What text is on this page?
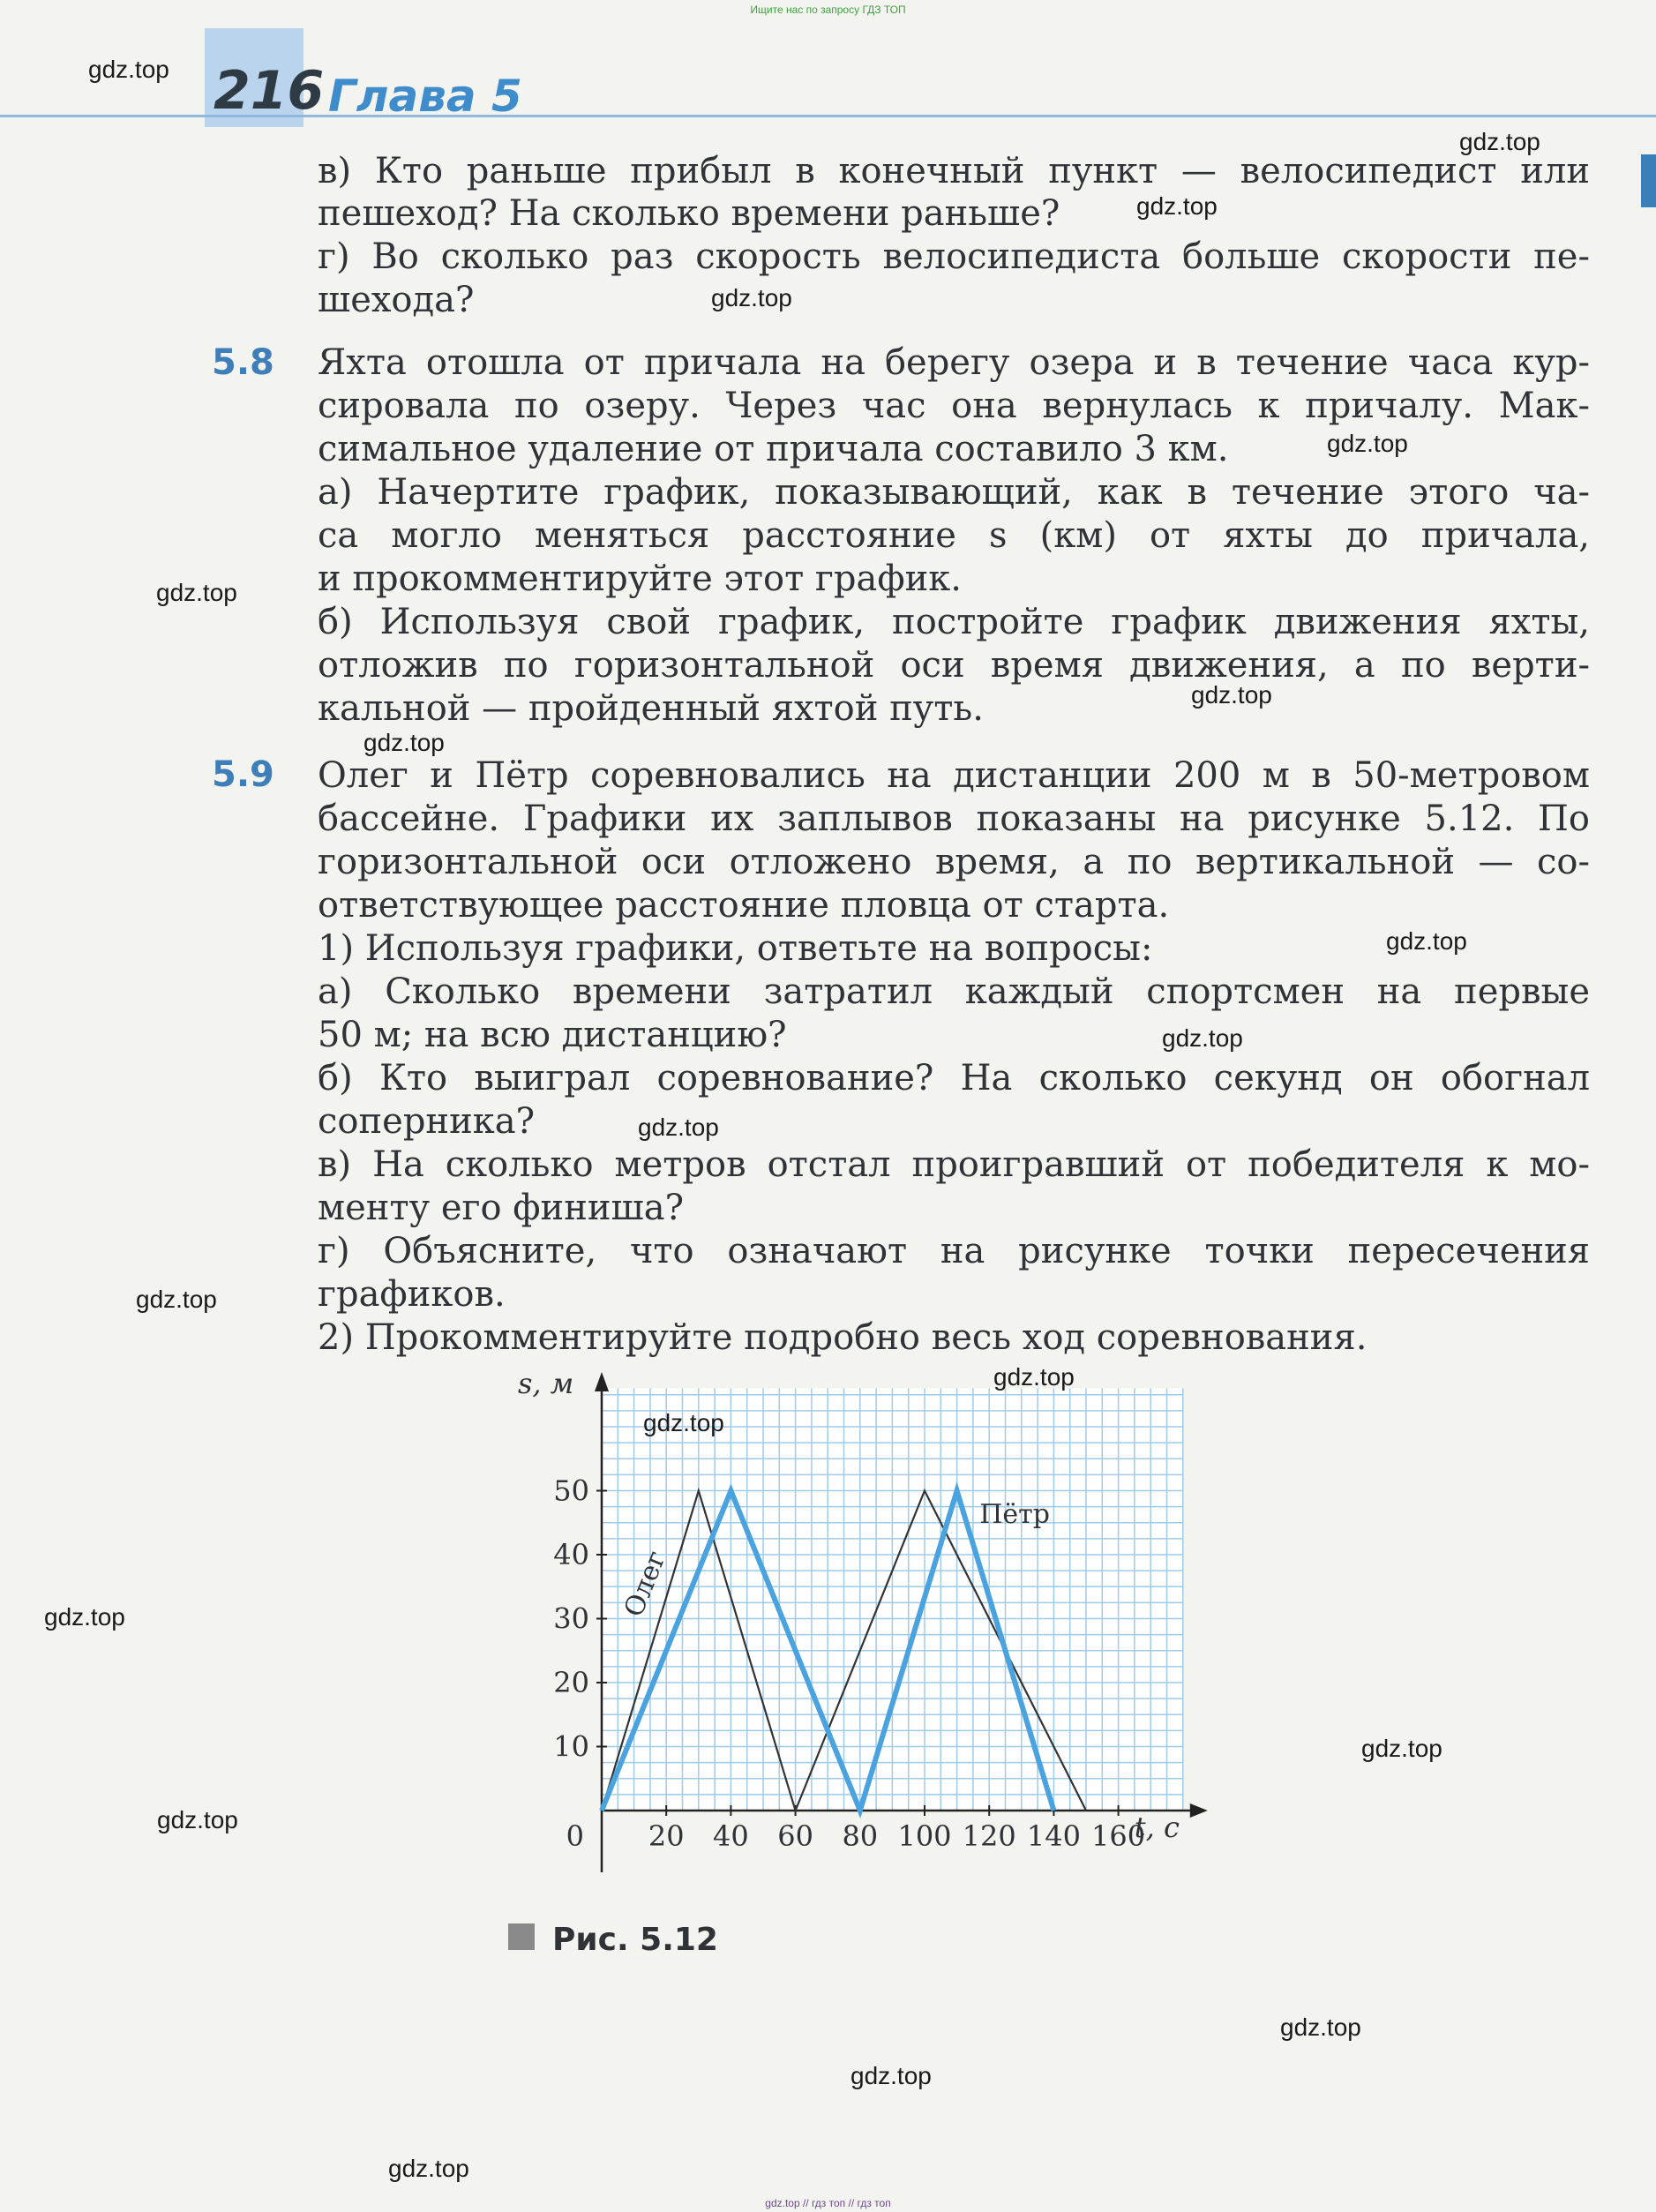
Ищите нас по запросу ГДЗ ТОП
216 Глава 5
в) Кто раньше прибыл в конечный пункт — велосипедист или
пешеход? На сколько времени раньше?
г) Во сколько раз скорость велосипедиста больше скорости пе-
шехода?
5.8 Яхта отошла от причала на берегу озера и в течение часа кур-
сировала по озеру. Через час она вернулась к причалу. Мак-
симальное удаление от причала составило 3 км.
а) Начертите график, показывающий, как в течение этого ча-
са могло меняться расстояние s (км) от яхты до причала,
и прокомментируйте этот график.
б) Используя свой график, постройте график движения яхты,
отложив по горизонтальной оси время движения, а по верти-
кальной — пройденный яхтой путь.
5.9 Олег и Пётр соревновались на дистанции 200 м в 50-метровом
бассейне. Графики их заплывов показаны на рисунке 5.12. По
горизонтальной оси отложено время, а по вертикальной — со-
ответствующее расстояние пловца от старта.
1) Используя графики, ответьте на вопросы:
а) Сколько времени затратил каждый спортсмен на первые
50 м; на всю дистанцию?
б) Кто выиграл соревнование? На сколько секунд он обогнал
соперника?
в) На сколько метров отстал проигравший от победителя к мо-
менту его финиша?
г) Объясните, что означают на рисунке точки пересечения
графиков.
2) Прокомментируйте подробно весь ход соревнования.
20 40 60 80 100 120 140 160
10
20
30
40
50
0
s, м
t, с
Олег
Пётр
Рис. 5.12
gdz.top
gdz.top
gdz.top
gdz.top
gdz.top
gdz.top
gdz.top
gdz.top
gdz.top
gdz.top
gdz.top
gdz.top
gdz.top
gdz.top
gdz.top
gdz.top
gdz.top
gdz.top
gdz.top
gdz.top
gdz.top // гдз топ // гдз топ
